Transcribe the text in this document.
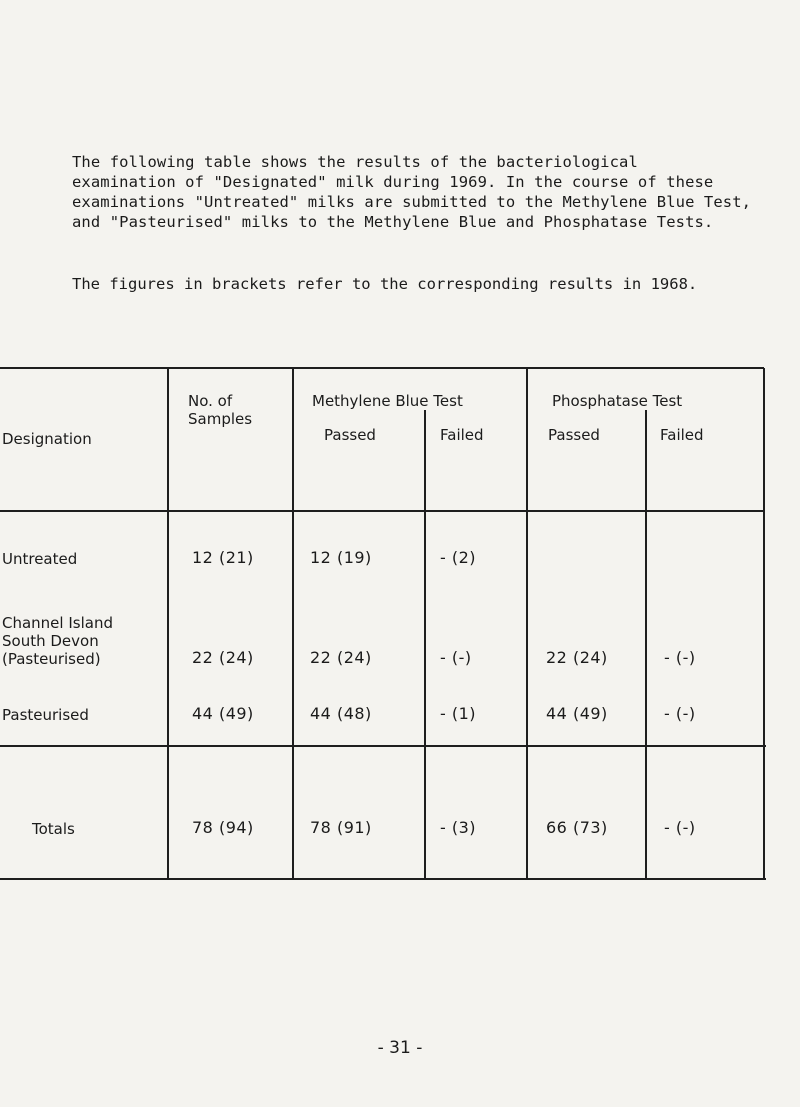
The following table shows the results of the bacteriological

examination of "Designated" milk during 1969. In the course of these

examinations "Untreated" milks are submitted to the Methylene Blue Test,

and "Pasteurised" milks to the Methylene Blue and Phosphatase Tests.

The figures in brackets refer to the corresponding results in 1968.

Designation
No. of
Samples
Methylene Blue Test
Passed	Failed
Phosphatase Test
Passed	Failed
Untreated	12 (21)	12 (19)	- (2)
Channel Island
South Devon
(Pasteurised)	22 (24)	22 (24)	- (-)	22 (24)	- (-)
Pasteurised	44 (49)	44 (48)	- (1)	44 (49)	- (-)
Totals	78 (94)	78 (91)	- (3)	66 (73)	- (-)
- 31 -
